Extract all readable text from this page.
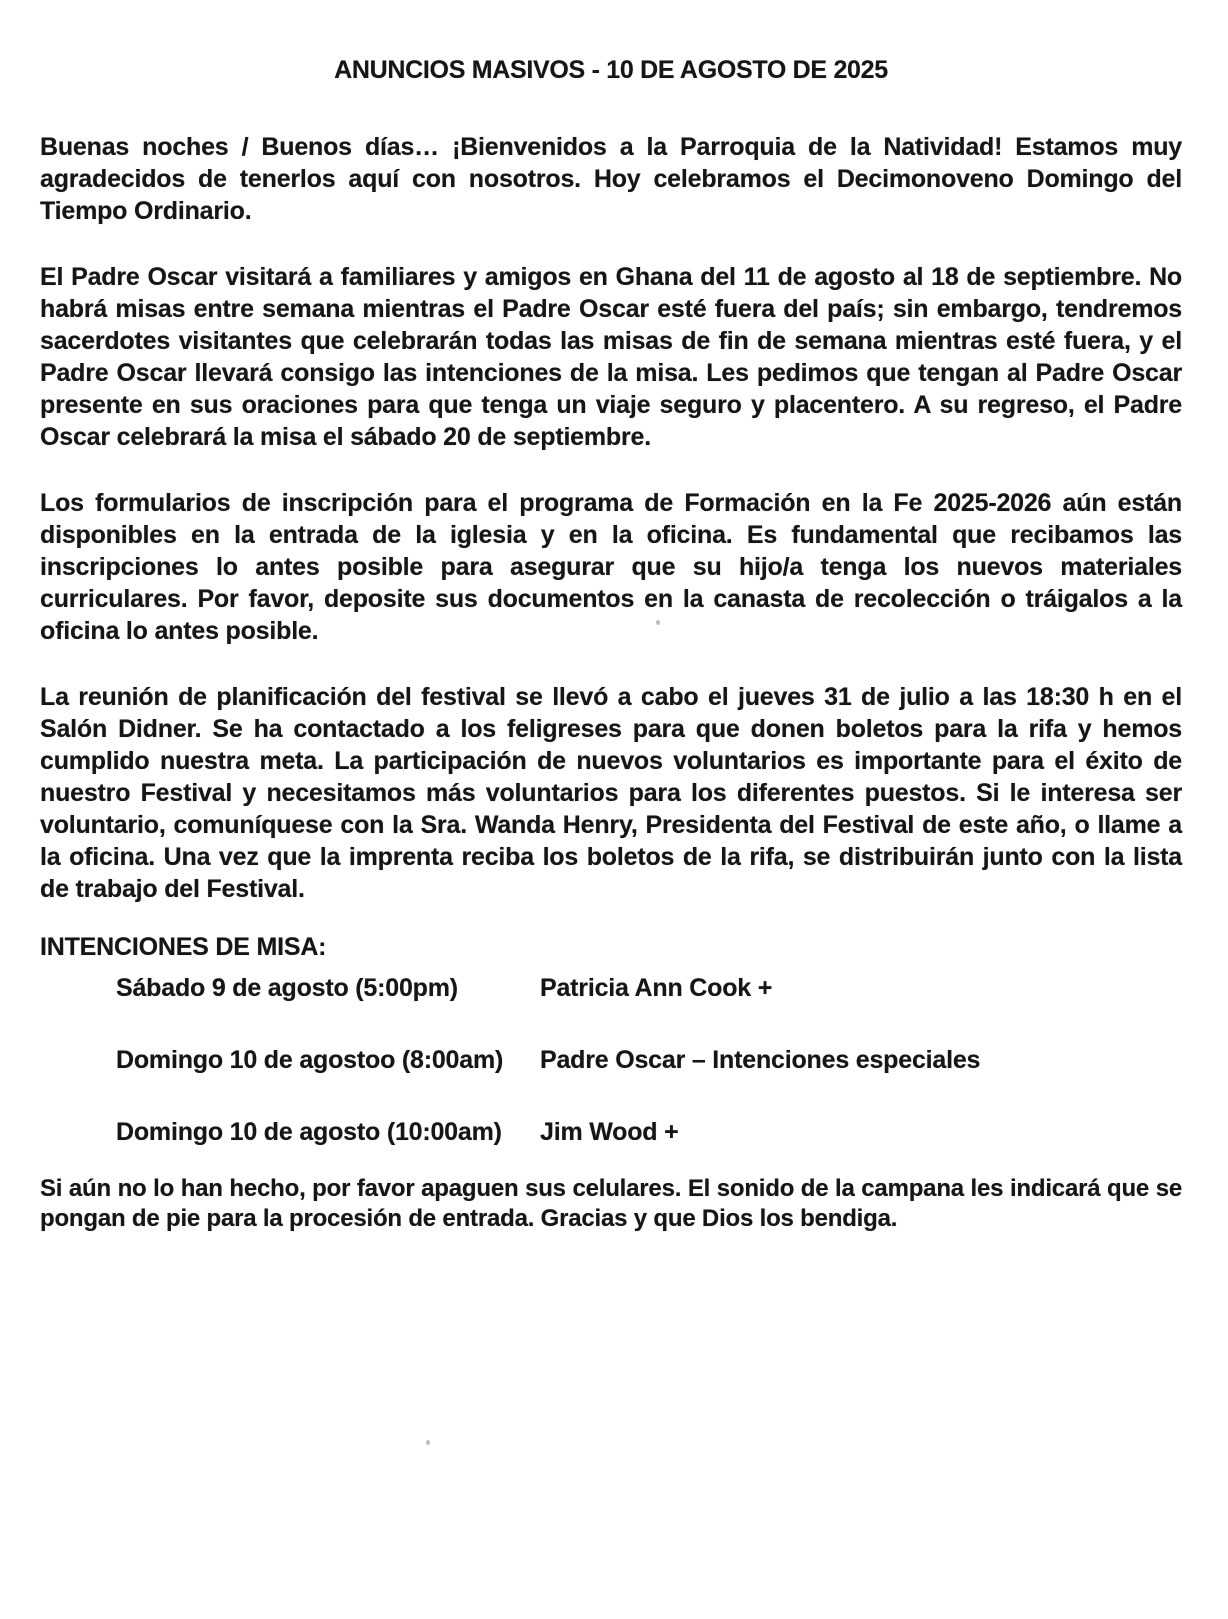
ANUNCIOS MASIVOS - 10 DE AGOSTO DE 2025

Buenas noches / Buenos días… ¡Bienvenidos a la Parroquia de la Natividad! Estamos muy agradecidos de tenerlos aquí con nosotros. Hoy celebramos el Decimonoveno Domingo del Tiempo Ordinario.

El Padre Oscar visitará a familiares y amigos en Ghana del 11 de agosto al 18 de septiembre. No habrá misas entre semana mientras el Padre Oscar esté fuera del país; sin embargo, tendremos sacerdotes visitantes que celebrarán todas las misas de fin de semana mientras esté fuera, y el Padre Oscar llevará consigo las intenciones de la misa. Les pedimos que tengan al Padre Oscar presente en sus oraciones para que tenga un viaje seguro y placentero. A su regreso, el Padre Oscar celebrará la misa el sábado 20 de septiembre.

Los formularios de inscripción para el programa de Formación en la Fe 2025-2026 aún están disponibles en la entrada de la iglesia y en la oficina. Es fundamental que recibamos las inscripciones lo antes posible para asegurar que su hijo/a tenga los nuevos materiales curriculares. Por favor, deposite sus documentos en la canasta de recolección o tráigalos a la oficina lo antes posible.

La reunión de planificación del festival se llevó a cabo el jueves 31 de julio a las 18:30 h en el Salón Didner. Se ha contactado a los feligreses para que donen boletos para la rifa y hemos cumplido nuestra meta. La participación de nuevos voluntarios es importante para el éxito de nuestro Festival y necesitamos más voluntarios para los diferentes puestos. Si le interesa ser voluntario, comuníquese con la Sra. Wanda Henry, Presidenta del Festival de este año, o llame a la oficina. Una vez que la imprenta reciba los boletos de la rifa, se distribuirán junto con la lista de trabajo del Festival.

INTENCIONES DE MISA:
Sábado 9 de agosto (5:00pm)	Patricia Ann Cook +
Domingo 10 de agostoo (8:00am)	Padre Oscar – Intenciones especiales
Domingo 10 de agosto (10:00am)	Jim Wood +

Si aún no lo han hecho, por favor apaguen sus celulares. El sonido de la campana les indicará que se pongan de pie para la procesión de entrada. Gracias y que Dios los bendiga.
